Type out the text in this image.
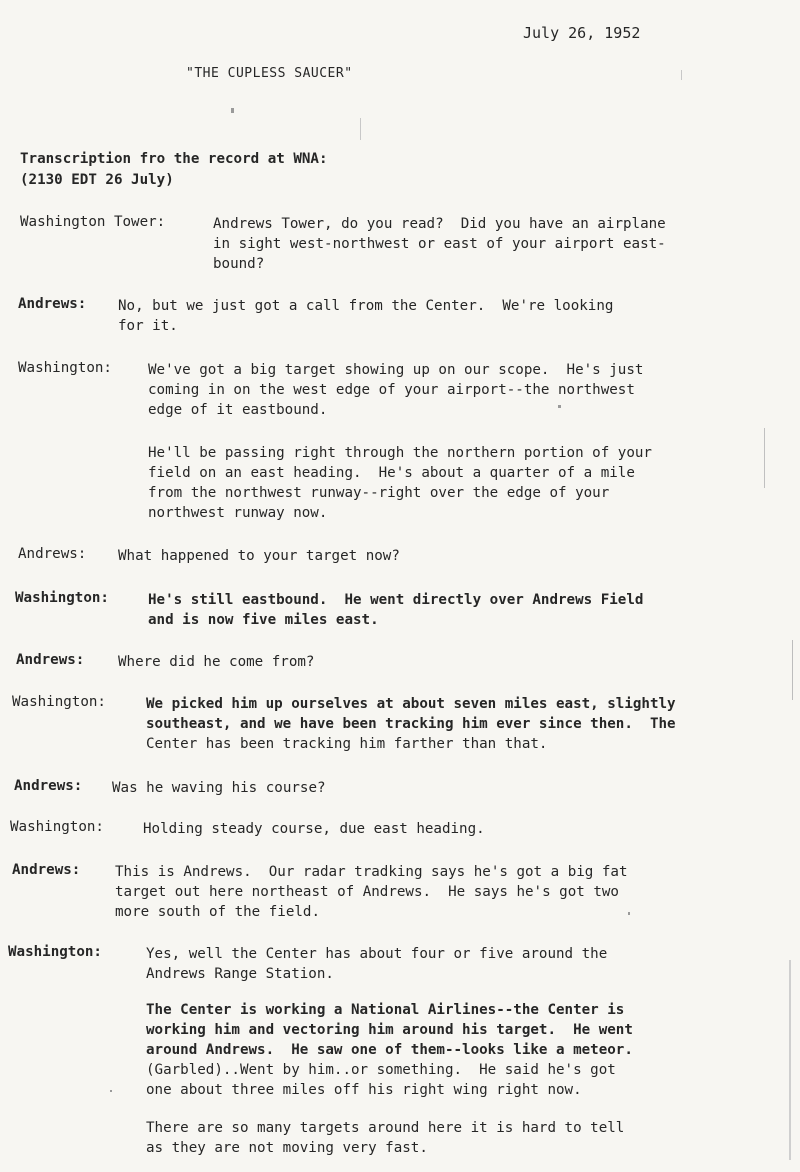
July 26, 1952
"THE CUPLESS SAUCER"
Transcription fro the record at WNA:
(2130 EDT 26 July)
Washington Tower:	Andrews Tower, do you read?  Did you have an airplane
in sight west-northwest or east of your airport east-
bound?
Andrews: No, but we just got a call from the Center.  We're looking
for it.
Washington:	We've got a big target showing up on our scope.  He's just
coming in on the west edge of your airport--the northwest
edge of it eastbound.
He'll be passing right through the northern portion of your
field on an east heading.  He's about a quarter of a mile
from the northwest runway--right over the edge of your
northwest runway now.
Andrews: What happened to your target now?
Washington:	He's still eastbound.  He went directly over Andrews Field
and is now five miles east.
Andrews: Where did he come from?
Washington:	We picked him up ourselves at about seven miles east, slightly
southeast, and we have been tracking him ever since then.  The
Center has been tracking him farther than that.
Andrews: Was he waving his course?
Washington:	Holding steady course, due east heading.
Andrews: This is Andrews.  Our radar tradking says he's got a big fat
target out here northeast of Andrews.  He says he's got two
more south of the field.
Washington:	Yes, well the Center has about four or five around the
Andrews Range Station.
The Center is working a National Airlines--the Center is
working him and vectoring him around his target.  He went
around Andrews.  He saw one of them--looks like a meteor.
(Garbled)..Went by him..or something.  He said he's got
one about three miles off his right wing right now.
There are so many targets around here it is hard to tell
as they are not moving very fast.
